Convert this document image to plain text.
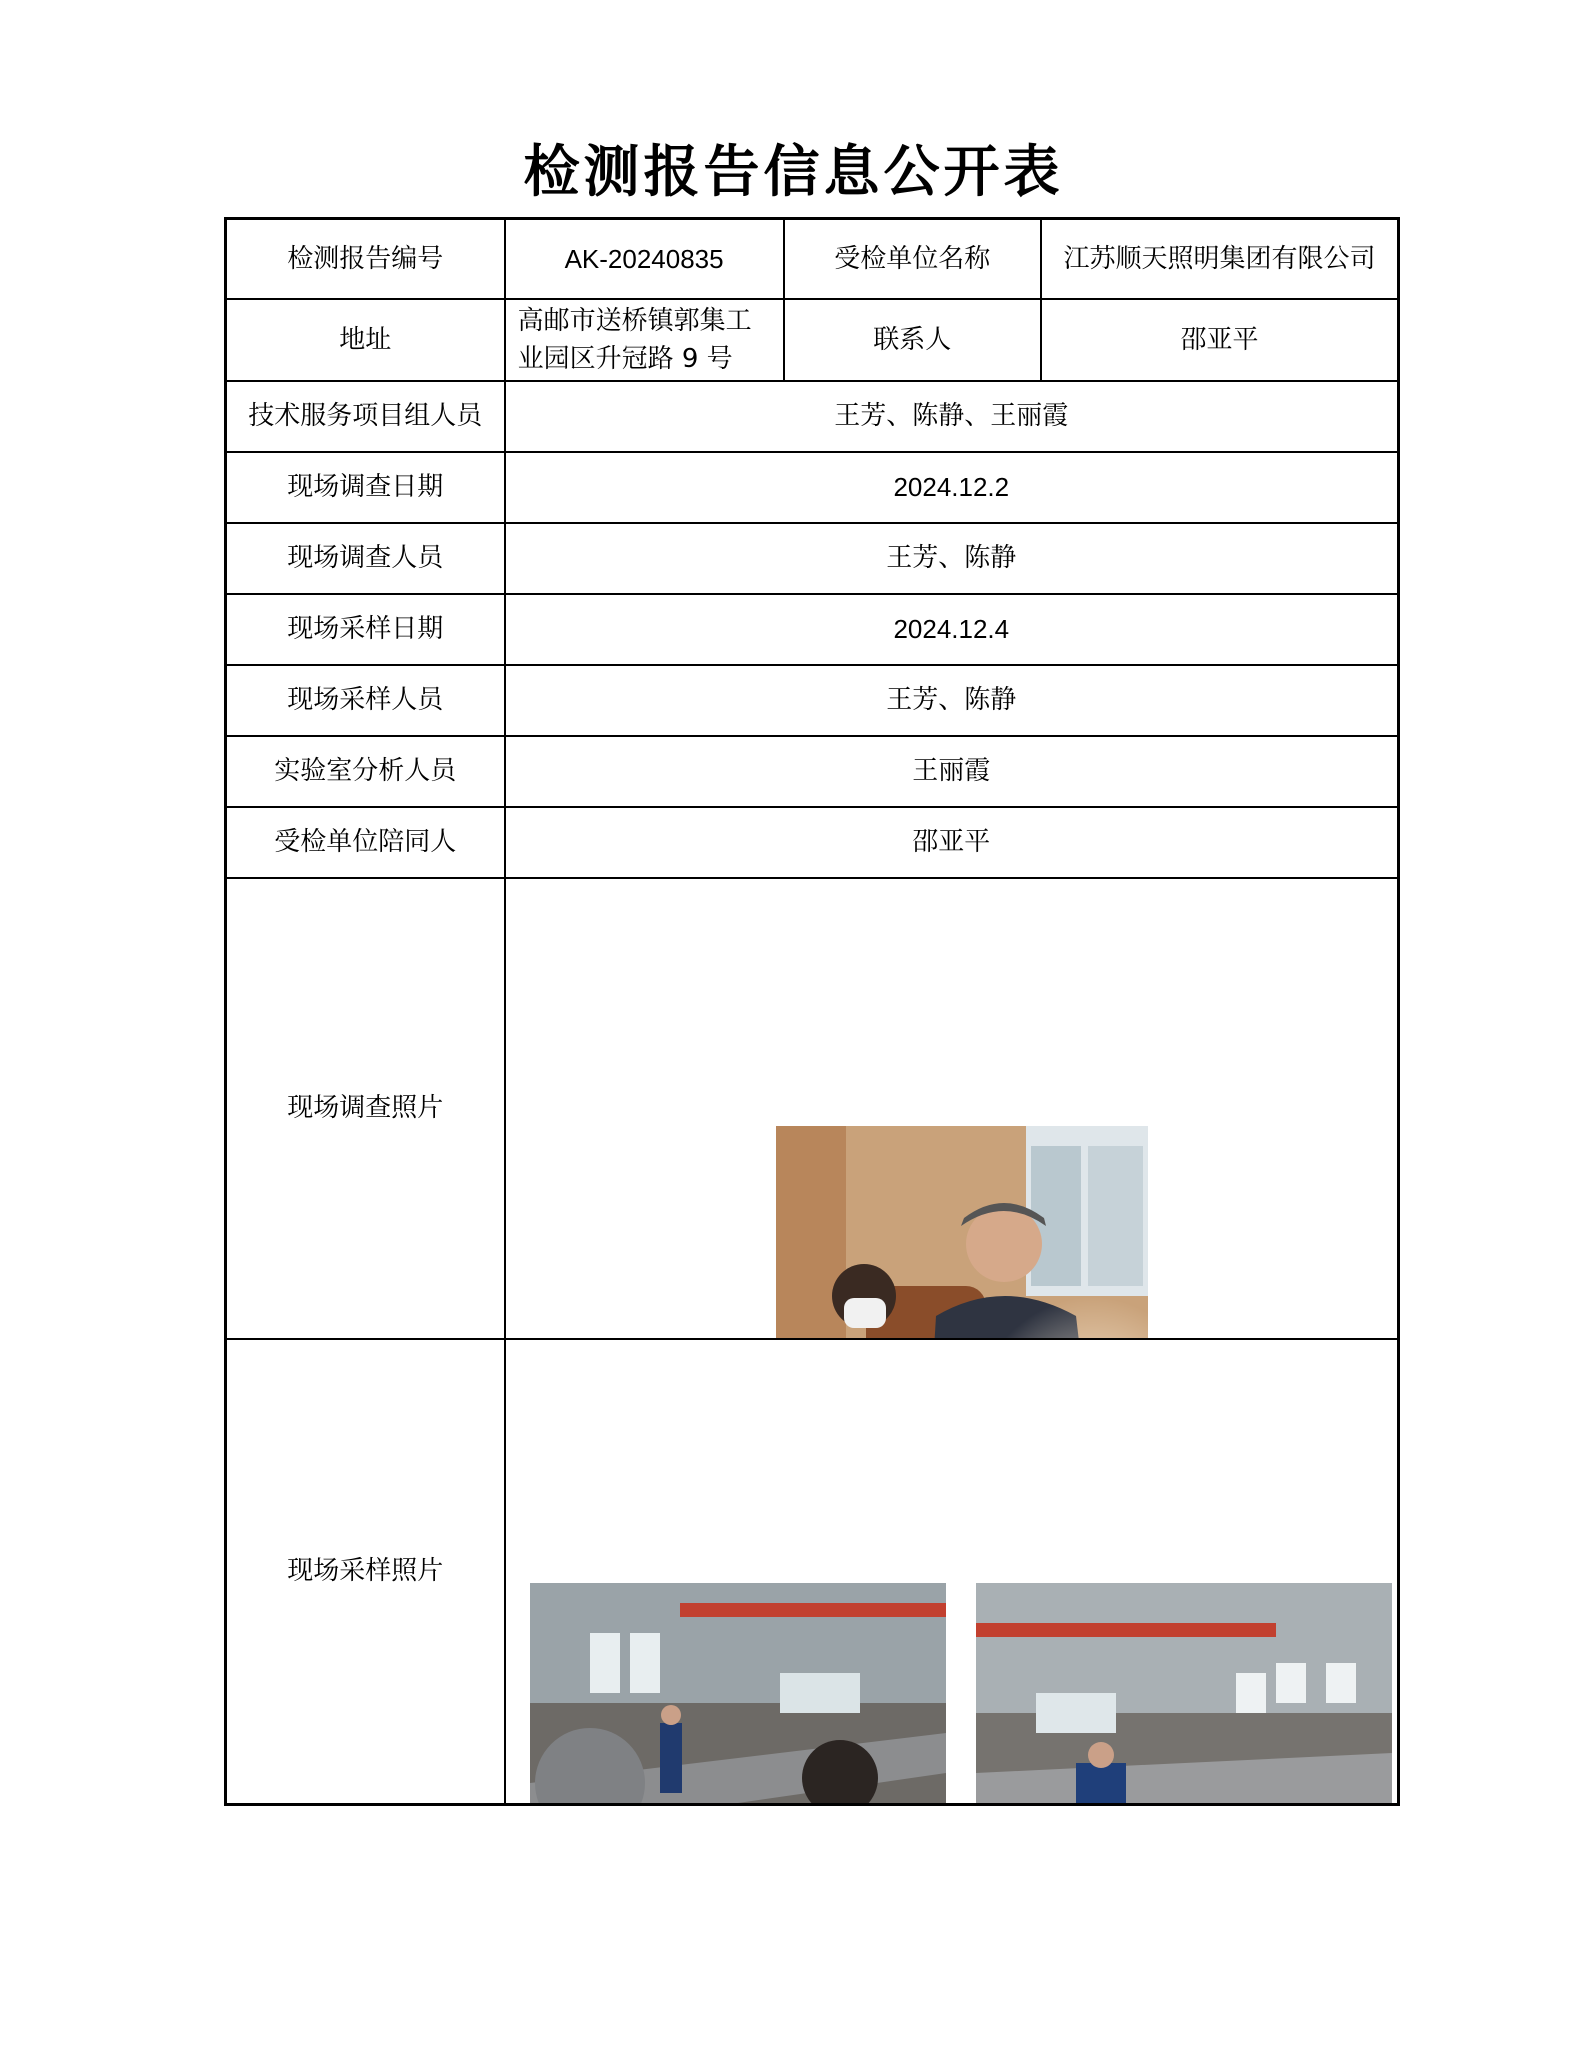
检测报告信息公开表
检测报告编号	AK-20240835	受检单位名称	江苏顺天照明集团有限公司
地址	高邮市送桥镇郭集工业园区升冠路 9 号	联系人	邵亚平
技术服务项目组人员	王芳、陈静、王丽霞		
现场调查日期	2024.12.2		
现场调查人员	王芳、陈静		
现场采样日期	2024.12.4		
现场采样人员	王芳、陈静		
实验室分析人员	王丽霞		
受检单位陪同人	邵亚平		
现场调查照片	

现场采样照片	
